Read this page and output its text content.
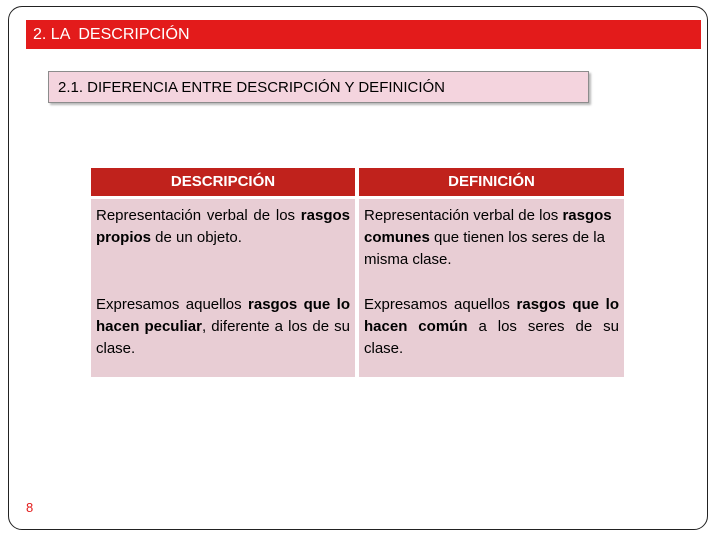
2. LA  DESCRIPCIÓN
2.1. DIFERENCIA ENTRE DESCRIPCIÓN Y DEFINICIÓN
DESCRIPCIÓN	DEFINICIÓN
Representación verbal de los rasgos propios de un objeto.
Representación verbal de los rasgos comunes que tienen los seres de la misma clase.
Expresamos aquellos rasgos que lo hacen peculiar, diferente a los de su clase.
Expresamos aquellos rasgos que lo hacen común a los seres de su clase.
8
